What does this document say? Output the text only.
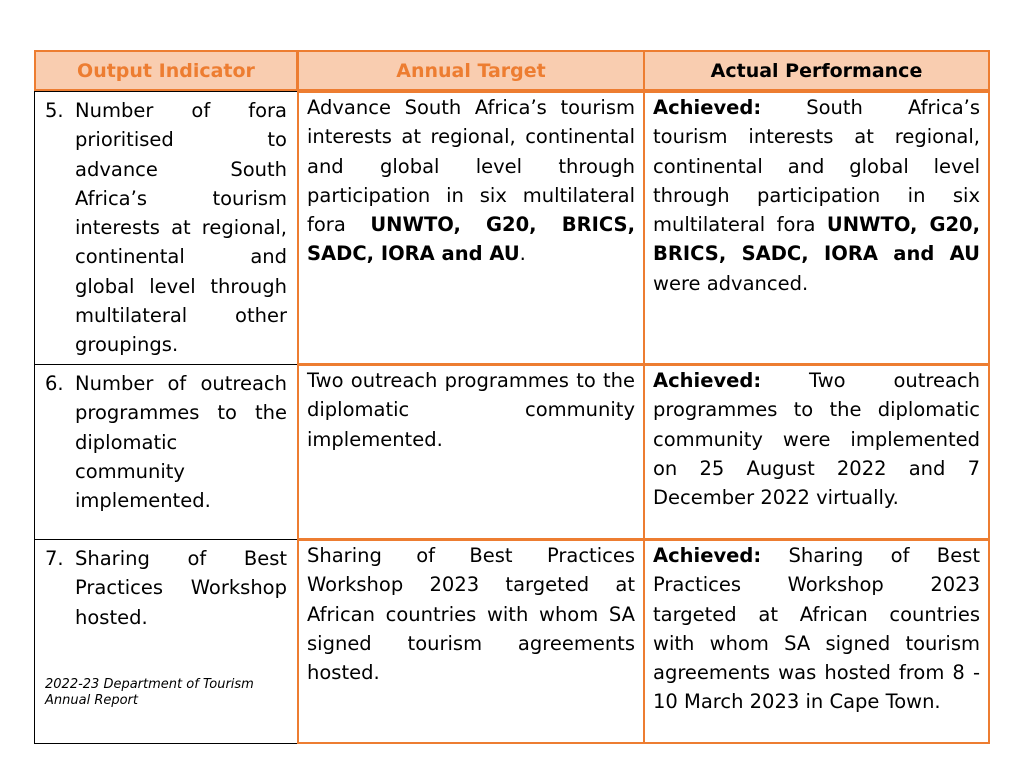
Output Indicator	Annual Target	Actual Performance
5. Number of fora prioritised to advance South Africa’s tourism interests at regional, continental and global level through multilateral other groupings.
Advance South Africa’s tourism interests at regional, continental and global level through participation in six multilateral fora UNWTO, G20, BRICS, SADC, IORA and AU.
Achieved: South Africa’s tourism interests at regional, continental and global level through participation in six multilateral fora UNWTO, G20, BRICS, SADC, IORA and AU were advanced.
6. Number of outreach programmes to the diplomatic community implemented.
Two outreach programmes to the diplomatic community implemented.
Achieved: Two outreach programmes to the diplomatic community were implemented on 25 August 2022 and 7 December 2022 virtually.
7. Sharing of Best Practices Workshop hosted.
2022-23 Department of Tourism Annual Report
Sharing of Best Practices Workshop 2023 targeted at African countries with whom SA signed tourism agreements hosted.
Achieved: Sharing of Best Practices Workshop 2023 targeted at African countries with whom SA signed tourism agreements was hosted from 8 - 10 March 2023 in Cape Town.
